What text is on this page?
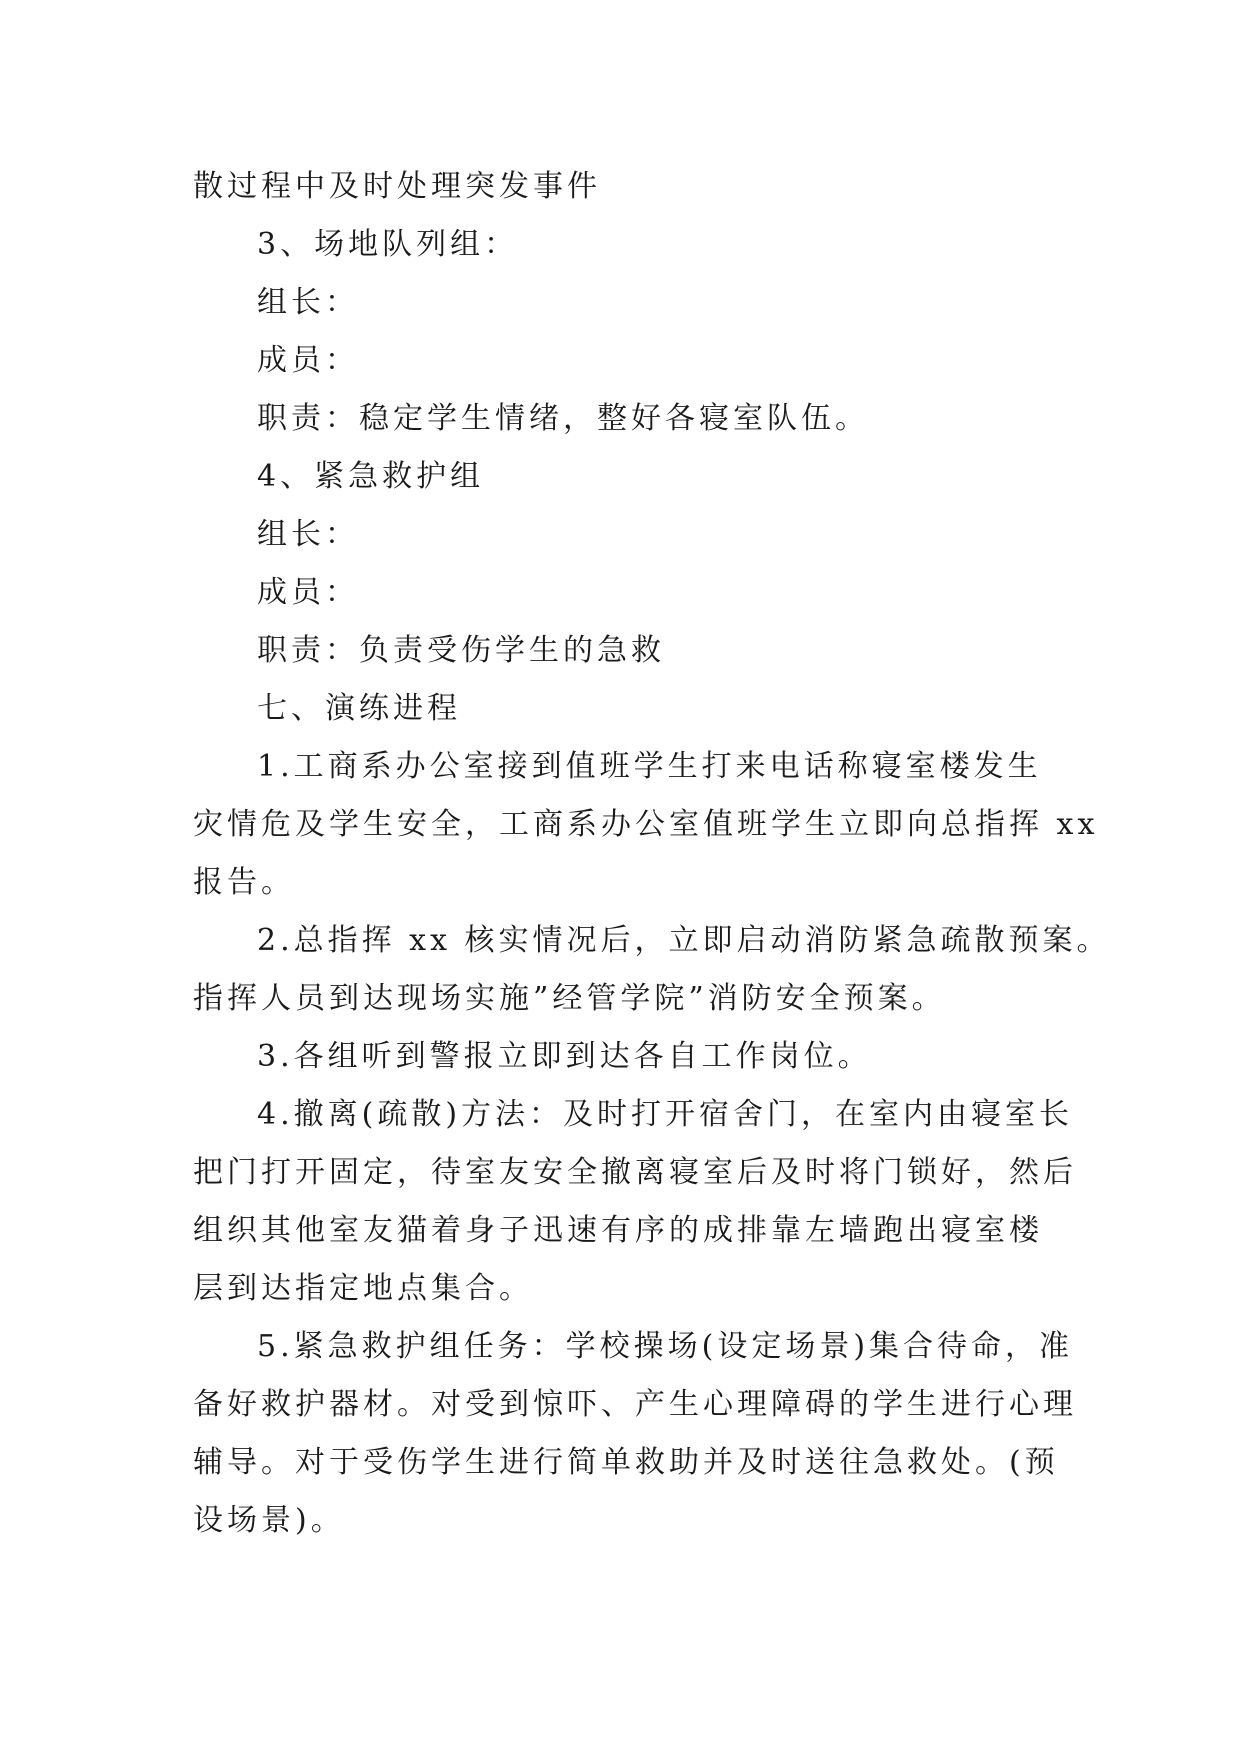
散过程中及时处理突发事件
3、场地队列组：
组长：
成员：
职责：稳定学生情绪，整好各寝室队伍。
4、紧急救护组
组长：
成员：
职责：负责受伤学生的急救
七、演练进程
1.工商系办公室接到值班学生打来电话称寝室楼发生
灾情危及学生安全，工商系办公室值班学生立即向总指挥 xx
报告。
2.总指挥 xx 核实情况后，立即启动消防紧急疏散预案。
指挥人员到达现场实施”经管学院”消防安全预案。
3.各组听到警报立即到达各自工作岗位。
4.撤离(疏散)方法：及时打开宿舍门，在室内由寝室长
把门打开固定，待室友安全撤离寝室后及时将门锁好，然后
组织其他室友猫着身子迅速有序的成排靠左墙跑出寝室楼
层到达指定地点集合。
5.紧急救护组任务：学校操场(设定场景)集合待命，准
备好救护器材。对受到惊吓、产生心理障碍的学生进行心理
辅导。对于受伤学生进行简单救助并及时送往急救处。(预
设场景)。
